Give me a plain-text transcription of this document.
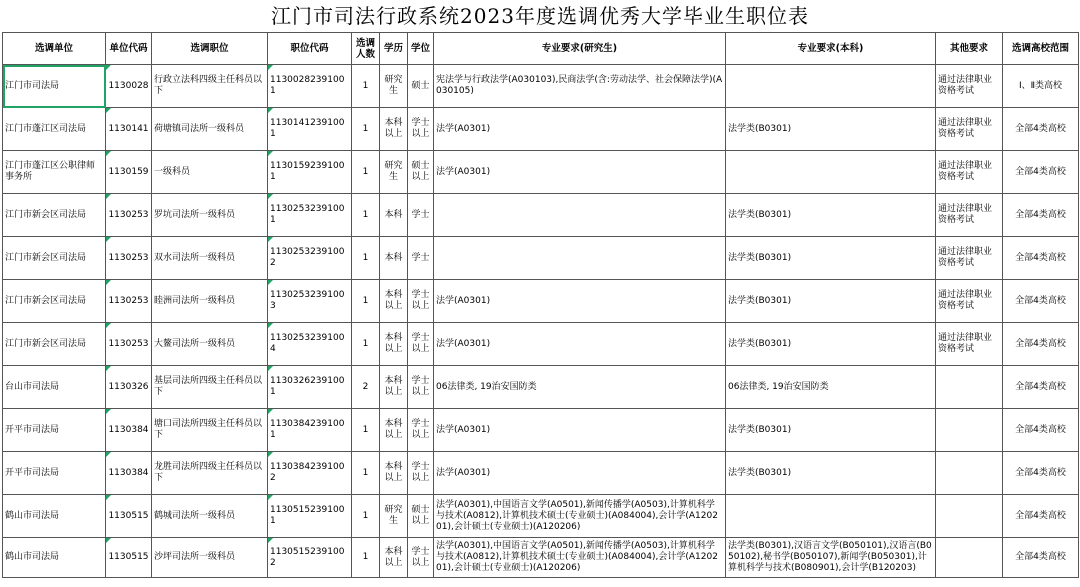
江门市司法行政系统2023年度选调优秀大学毕业生职位表
选调单位	单位代码	选调职位	职位代码	选调人数	学历	学位	专业要求(研究生)	专业要求(本科)	其他要求	选调高校范围
江门市司法局	1130028	行政立法科四级主任科员以下	11300282391001	1	研究生	硕士	宪法学与行政法学(A030103),民商法学(含:劳动法学、社会保障法学)(A030105)		通过法律职业资格考试	Ⅰ、Ⅱ类高校
江门市蓬江区司法局	1130141	荷塘镇司法所一级科员	11301412391001	1	本科以上	学士以上	法学(A0301)	法学类(B0301)	通过法律职业资格考试	全部4类高校
江门市蓬江区公职律师事务所	1130159	一级科员	11301592391001	1	研究生	硕士以上	法学(A0301)		通过法律职业资格考试	全部4类高校
江门市新会区司法局	1130253	罗坑司法所一级科员	11302532391001	1	本科	学士		法学类(B0301)	通过法律职业资格考试	全部4类高校
江门市新会区司法局	1130253	双水司法所一级科员	11302532391002	1	本科	学士		法学类(B0301)	通过法律职业资格考试	全部4类高校
江门市新会区司法局	1130253	睦洲司法所一级科员	11302532391003	1	本科以上	学士以上	法学(A0301)	法学类(B0301)	通过法律职业资格考试	全部4类高校
江门市新会区司法局	1130253	大鳌司法所一级科员	11302532391004	1	本科以上	学士以上	法学(A0301)	法学类(B0301)	通过法律职业资格考试	全部4类高校
台山市司法局	1130326	基层司法所四级主任科员以下	11303262391001	2	本科以上	学士以上	06法律类, 19治安国防类	06法律类, 19治安国防类		全部4类高校
开平市司法局	1130384	塘口司法所四级主任科员以下	11303842391001	1	本科以上	学士以上	法学(A0301)	法学类(B0301)		全部4类高校
开平市司法局	1130384	龙胜司法所四级主任科员以下	11303842391002	1	本科以上	学士以上	法学(A0301)	法学类(B0301)		全部4类高校
鹤山市司法局	1130515	鹤城司法所一级科员	11305152391001	1	研究生	硕士以上	法学(A0301),中国语言文学(A0501),新闻传播学(A0503),计算机科学与技术(A0812),计算机技术硕士(专业硕士)(A084004),会计学(A120201),会计硕士(专业硕士)(A120206)			全部4类高校
鹤山市司法局	1130515	沙坪司法所一级科员	11305152391002	1	本科以上	学士以上	法学(A0301),中国语言文学(A0501),新闻传播学(A0503),计算机科学与技术(A0812),计算机技术硕士(专业硕士)(A084004),会计学(A120201),会计硕士(专业硕士)(A120206)	法学类(B0301),汉语言文学(B050101),汉语言(B050102),秘书学(B050107),新闻学(B050301),计算机科学与技术(B080901),会计学(B120203)		全部4类高校
